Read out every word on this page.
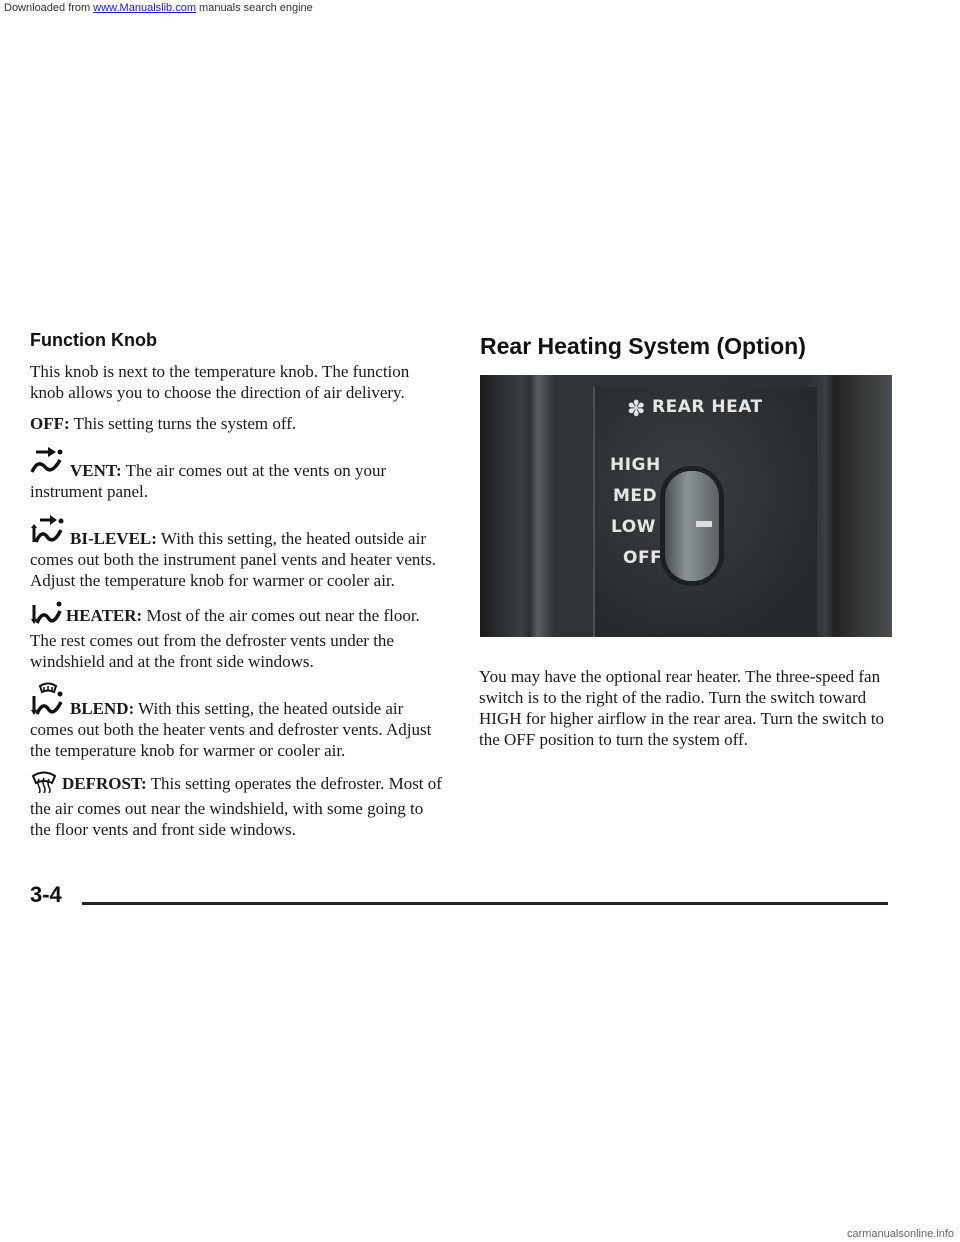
Downloaded from www.Manualslib.com manuals search engine
Function Knob

This knob is next to the temperature knob. The function knob allows you to choose the direction of air delivery.

OFF: This setting turns the system off.

VENT: The air comes out at the vents on your instrument panel.

BI-LEVEL: With this setting, the heated outside air comes out both the instrument panel vents and heater vents. Adjust the temperature knob for warmer or cooler air.

HEATER: Most of the air comes out near the floor. The rest comes out from the defroster vents under the windshield and at the front side windows.

BLEND: With this setting, the heated outside air comes out both the heater vents and defroster vents. Adjust the temperature knob for warmer or cooler air.

DEFROST: This setting operates the defroster. Most of the air comes out near the windshield, with some going to the floor vents and front side windows.

Rear Heating System (Option)
✽ REAR HEAT
HIGH
MED
LOW
OFF

You may have the optional rear heater. The three-speed fan switch is to the right of the radio. Turn the switch toward HIGH for higher airflow in the rear area. Turn the switch to the OFF position to turn the system off.

3-4
carmanualsonline.info
